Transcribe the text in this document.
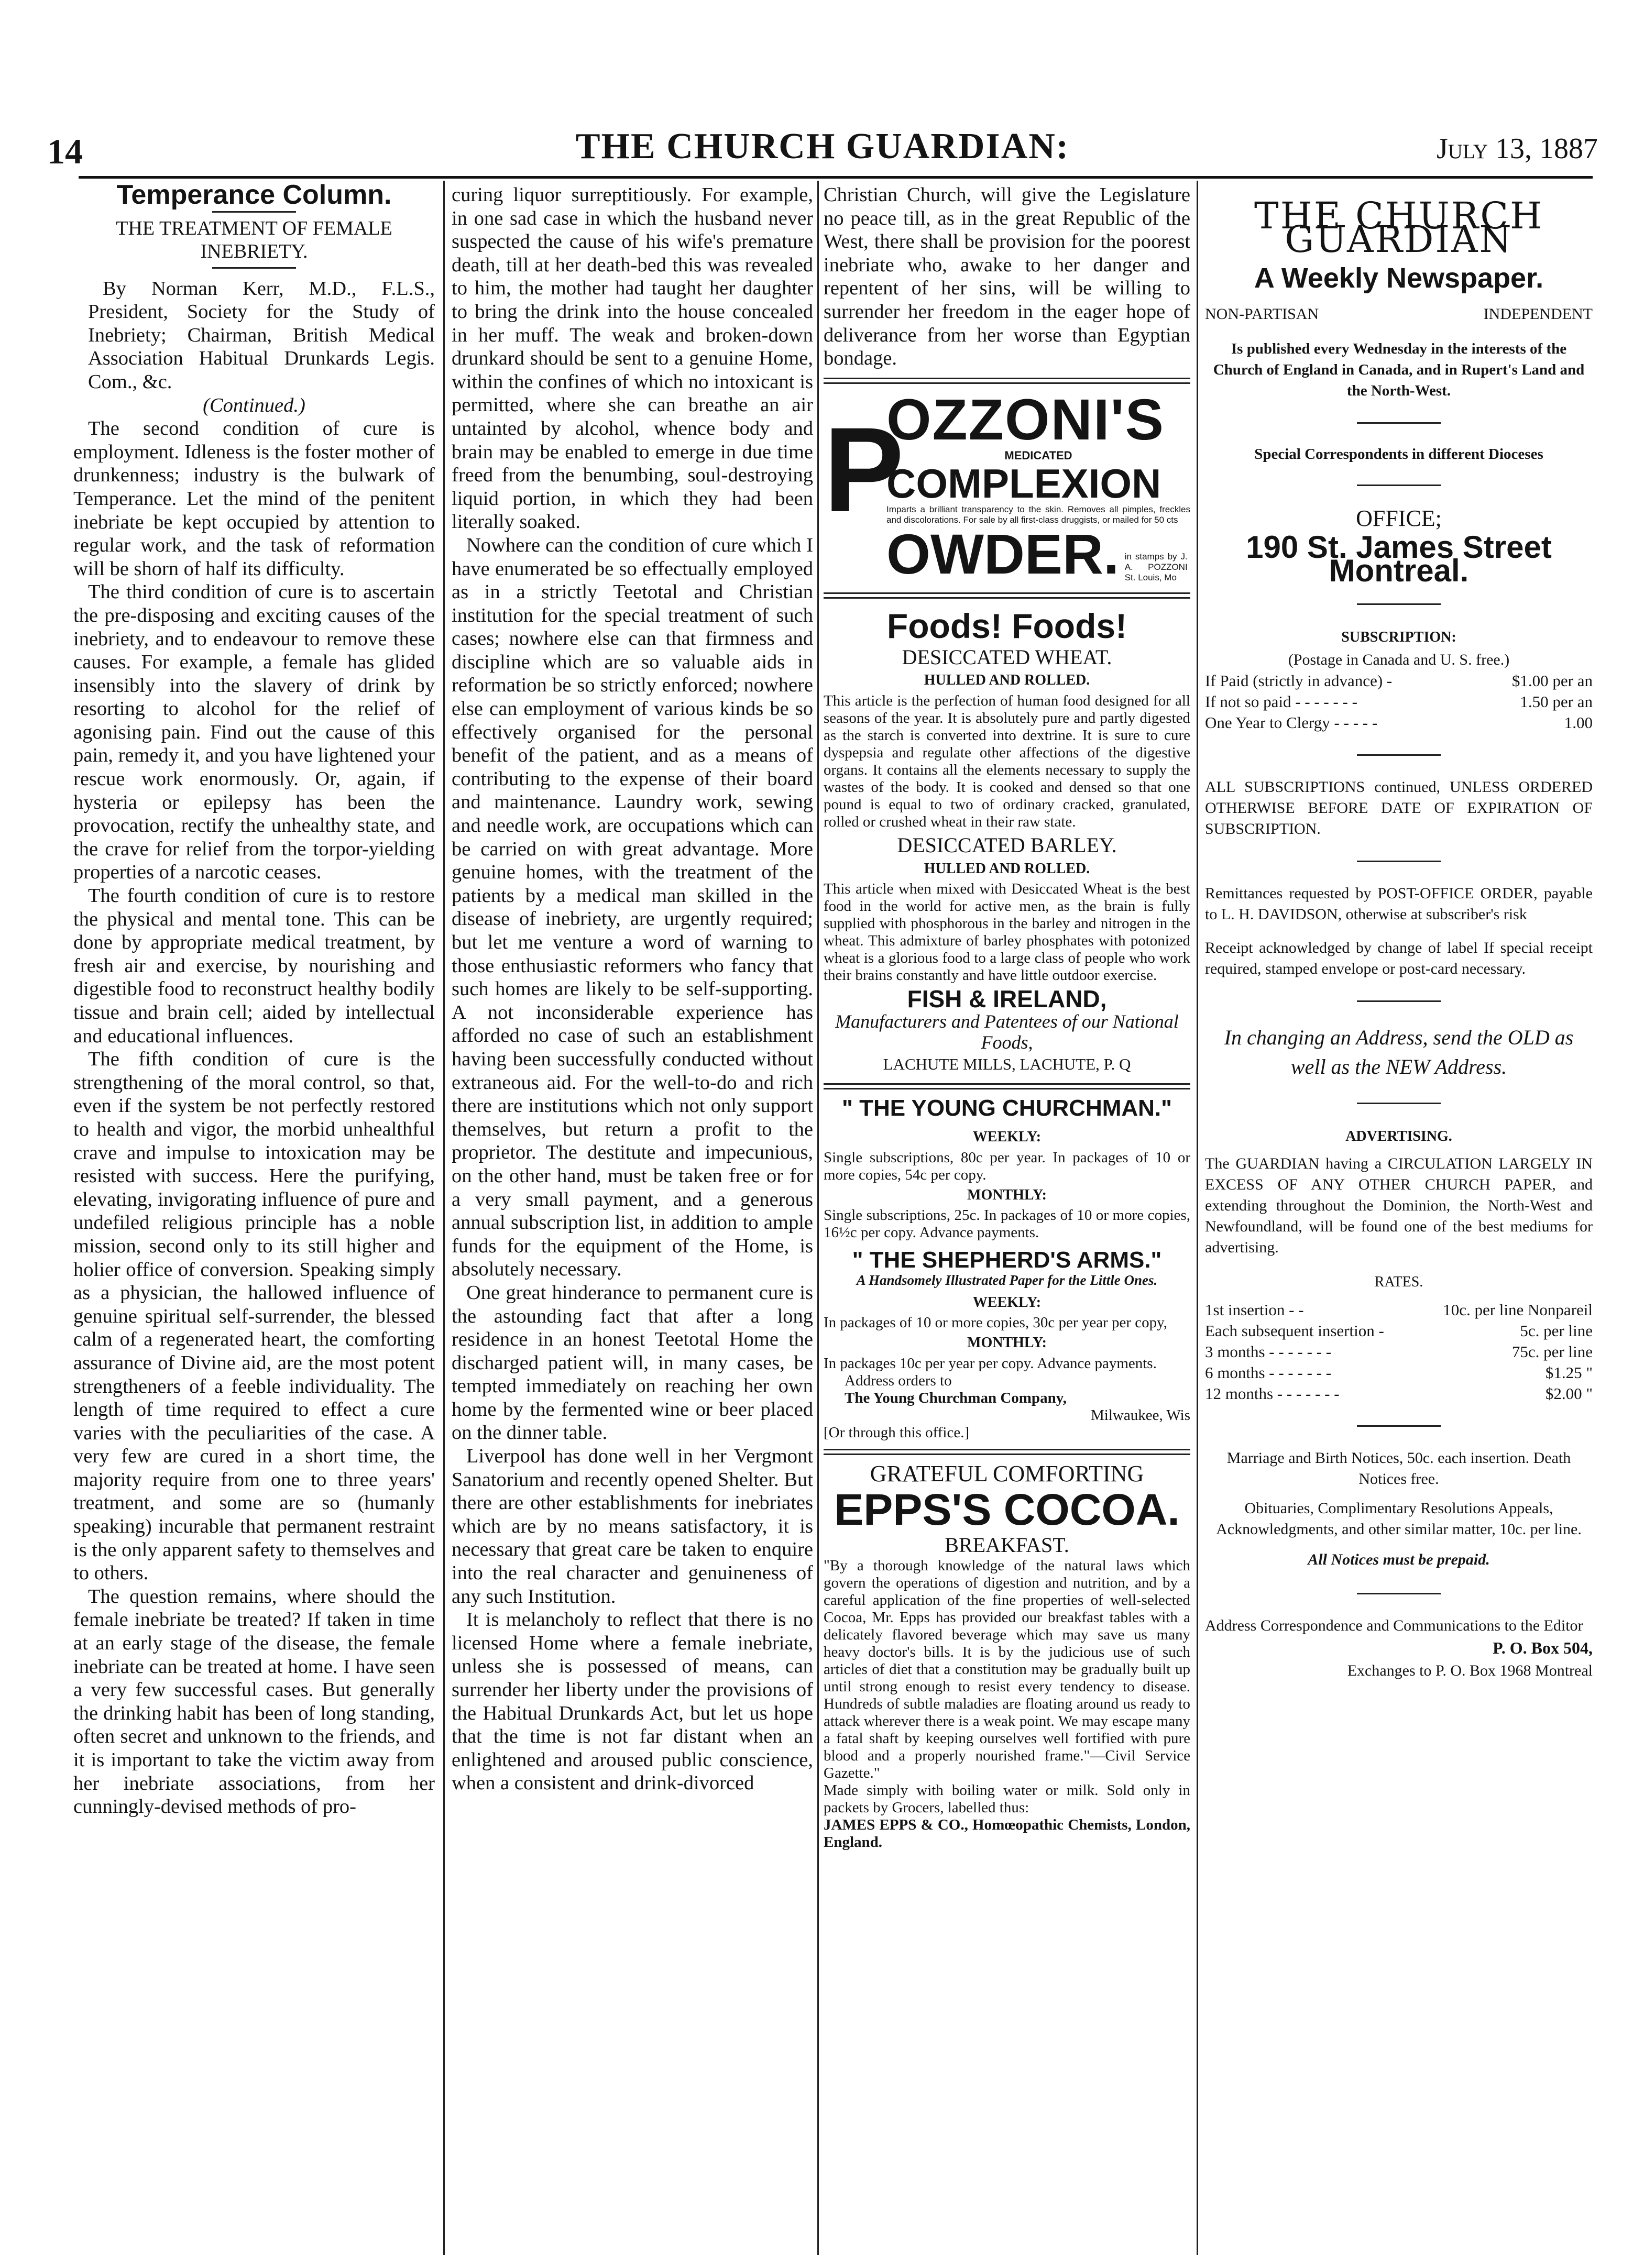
14	THE CHURCH GUARDIAN:	July 13, 1887
Temperance Column.
THE TREATMENT OF FEMALE INEBRIETY.

By Norman Kerr, M.D., F.L.S., President, Society for the Study of Inebriety; Chairman, British Medical Association Habitual Drunkards Legis. Com., &c.

(Continued.)

The second condition of cure is employment. Idleness is the foster mother of drunkenness; industry is the bulwark of Temperance. Let the mind of the penitent inebriate be kept occupied by attention to regular work, and the task of reformation will be shorn of half its difficulty.

The third condition of cure is to ascertain the pre-disposing and exciting causes of the inebriety, and to endeavour to remove these causes. For example, a female has glided insensibly into the slavery of drink by resorting to alcohol for the relief of agonising pain. Find out the cause of this pain, remedy it, and you have lightened your rescue work enormously. Or, again, if hysteria or epilepsy has been the provocation, rectify the unhealthy state, and the crave for relief from the torpor-yielding properties of a narcotic ceases.

The fourth condition of cure is to restore the physical and mental tone. This can be done by appropriate medical treatment, by fresh air and exercise, by nourishing and digestible food to reconstruct healthy bodily tissue and brain cell; aided by intellectual and educational influences.

The fifth condition of cure is the strengthening of the moral control, so that, even if the system be not perfectly restored to health and vigor, the morbid unhealthful crave and impulse to intoxication may be resisted with success. Here the purifying, elevating, invigorating influence of pure and undefiled religious principle has a noble mission, second only to its still higher and holier office of conversion. Speaking simply as a physician, the hallowed influence of genuine spiritual self-surrender, the blessed calm of a regenerated heart, the comforting assurance of Divine aid, are the most potent strengtheners of a feeble individuality. The length of time required to effect a cure varies with the peculiarities of the case. A very few are cured in a short time, the majority require from one to three years' treatment, and some are so (humanly speaking) incurable that permanent restraint is the only apparent safety to themselves and to others.

The question remains, where should the female inebriate be treated? If taken in time at an early stage of the disease, the female inebriate can be treated at home. I have seen a very few successful cases. But generally the drinking habit has been of long standing, often secret and unknown to the friends, and it is important to take the victim away from her inebriate associations, from her cunningly-devised methods of pro-

curing liquor surreptitiously. For example, in one sad case in which the husband never suspected the cause of his wife's premature death, till at her death-bed this was revealed to him, the mother had taught her daughter to bring the drink into the house concealed in her muff. The weak and broken-down drunkard should be sent to a genuine Home, within the confines of which no intoxicant is permitted, where she can breathe an air untainted by alcohol, whence body and brain may be enabled to emerge in due time freed from the benumbing, soul-destroying liquid portion, in which they had been literally soaked.

Nowhere can the condition of cure which I have enumerated be so effectually employed as in a strictly Teetotal and Christian institution for the special treatment of such cases; nowhere else can that firmness and discipline which are so valuable aids in reformation be so strictly enforced; nowhere else can employment of various kinds be so effectively organised for the personal benefit of the patient, and as a means of contributing to the expense of their board and maintenance. Laundry work, sewing and needle work, are occupations which can be carried on with great advantage. More genuine homes, with the treatment of the patients by a medical man skilled in the disease of inebriety, are urgently required; but let me venture a word of warning to those enthusiastic reformers who fancy that such homes are likely to be self-supporting. A not inconsiderable experience has afforded no case of such an establishment having been successfully conducted without extraneous aid. For the well-to-do and rich there are institutions which not only support themselves, but return a profit to the proprietor. The destitute and impecunious, on the other hand, must be taken free or for a very small payment, and a generous annual subscription list, in addition to ample funds for the equipment of the Home, is absolutely necessary.

One great hinderance to permanent cure is the astounding fact that after a long residence in an honest Teetotal Home the discharged patient will, in many cases, be tempted immediately on reaching her own home by the fermented wine or beer placed on the dinner table.

Liverpool has done well in her Vergmont Sanatorium and recently opened Shelter. But there are other establishments for inebriates which are by no means satisfactory, it is necessary that great care be taken to enquire into the real character and genuineness of any such Institution.

It is melancholy to reflect that there is no licensed Home where a female inebriate, unless she is possessed of means, can surrender her liberty under the provisions of the Habitual Drunkards Act, but let us hope that the time is not far distant when an enlightened and aroused public conscience, when a consistent and drink-divorced

Christian Church, will give the Legislature no peace till, as in the great Republic of the West, there shall be provision for the poorest inebriate who, awake to her danger and repentent of her sins, will be willing to surrender her freedom in the eager hope of deliverance from her worse than Egyptian bondage.

P
OZZONI'S
MEDICATED
COMPLEXION
Imparts a brilliant transparency to the skin. Removes all pimples, freckles and discolorations. For sale by all first-class druggists, or mailed for 50 cts
OWDER. in stamps by J. A. POZZONI St. Louis, Mo
Foods! Foods!
DESICCATED WHEAT.
HULLED AND ROLLED.
This article is the perfection of human food designed for all seasons of the year. It is absolutely pure and partly digested as the starch is converted into dextrine. It is sure to cure dyspepsia and regulate other affections of the digestive organs. It contains all the elements necessary to supply the wastes of the body. It is cooked and densed so that one pound is equal to two of ordinary cracked, granulated, rolled or crushed wheat in their raw state.
DESICCATED BARLEY.
HULLED AND ROLLED.
This article when mixed with Desiccated Wheat is the best food in the world for active men, as the brain is fully supplied with phosphorous in the barley and nitrogen in the wheat. This admixture of barley phosphates with potonized wheat is a glorious food to a large class of people who work their brains constantly and have little outdoor exercise.
FISH & IRELAND,
Manufacturers and Patentees of our National Foods,
LACHUTE MILLS, LACHUTE, P. Q
" THE YOUNG CHURCHMAN."
WEEKLY:
Single subscriptions, 80c per year. In packages of 10 or more copies, 54c per copy.
MONTHLY:
Single subscriptions, 25c. In packages of 10 or more copies, 16½c per copy. Advance payments.
" THE SHEPHERD'S ARMS."
A Handsomely Illustrated Paper for the Little Ones.
WEEKLY:
In packages of 10 or more copies, 30c per year per copy,
MONTHLY:
In packages 10c per year per copy. Advance payments.
Address orders to
The Young Churchman Company,
Milwaukee, Wis
[Or through this office.]
GRATEFUL COMFORTING
EPPS'S COCOA.
BREAKFAST.
"By a thorough knowledge of the natural laws which govern the operations of digestion and nutrition, and by a careful application of the fine properties of well-selected Cocoa, Mr. Epps has provided our breakfast tables with a delicately flavored beverage which may save us many heavy doctor's bills. It is by the judicious use of such articles of diet that a constitution may be gradually built up until strong enough to resist every tendency to disease. Hundreds of subtle maladies are floating around us ready to attack wherever there is a weak point. We may escape many a fatal shaft by keeping ourselves well fortified with pure blood and a properly nourished frame."—Civil Service Gazette."
Made simply with boiling water or milk. Sold only in packets by Grocers, labelled thus:
JAMES EPPS & CO., Homœopathic Chemists, London, England.
THE CHURCH GUARDIAN
A Weekly Newspaper.
NON-PARTISAN	INDEPENDENT
Is published every Wednesday in the interests of the Church of England in Canada, and in Rupert's Land and the North-West.
Special Correspondents in different Dioceses
OFFICE;
190 St. James Street Montreal.
SUBSCRIPTION:
(Postage in Canada and U. S. free.)
If Paid (strictly in advance) -	$1.00 per an
If not so paid - - - - - - -	1.50 per an
One Year to Clergy - - - - -	1.00
ALL SUBSCRIPTIONS continued, UNLESS ORDERED OTHERWISE BEFORE DATE OF EXPIRATION OF SUBSCRIPTION.
Remittances requested by POST-OFFICE ORDER, payable to L. H. DAVIDSON, otherwise at subscriber's risk
Receipt acknowledged by change of label If special receipt required, stamped envelope or post-card necessary.
In changing an Address, send the OLD as well as the NEW Address.
ADVERTISING.
The GUARDIAN having a CIRCULATION LARGELY IN EXCESS OF ANY OTHER CHURCH PAPER, and extending throughout the Dominion, the North-West and Newfoundland, will be found one of the best mediums for advertising.
RATES.
1st insertion - -	10c. per line Nonpareil
Each subsequent insertion -	5c. per line
3 months - - - - - - -	75c. per line
6 months - - - - - - -	$1.25 "
12 months - - - - - - -	$2.00 "
Marriage and Birth Notices, 50c. each insertion. Death Notices free.
Obituaries, Complimentary Resolutions Appeals, Acknowledgments, and other similar matter, 10c. per line.
All Notices must be prepaid.
Address Correspondence and Communications to the Editor
P. O. Box 504,
Exchanges to P. O. Box 1968 Montreal
